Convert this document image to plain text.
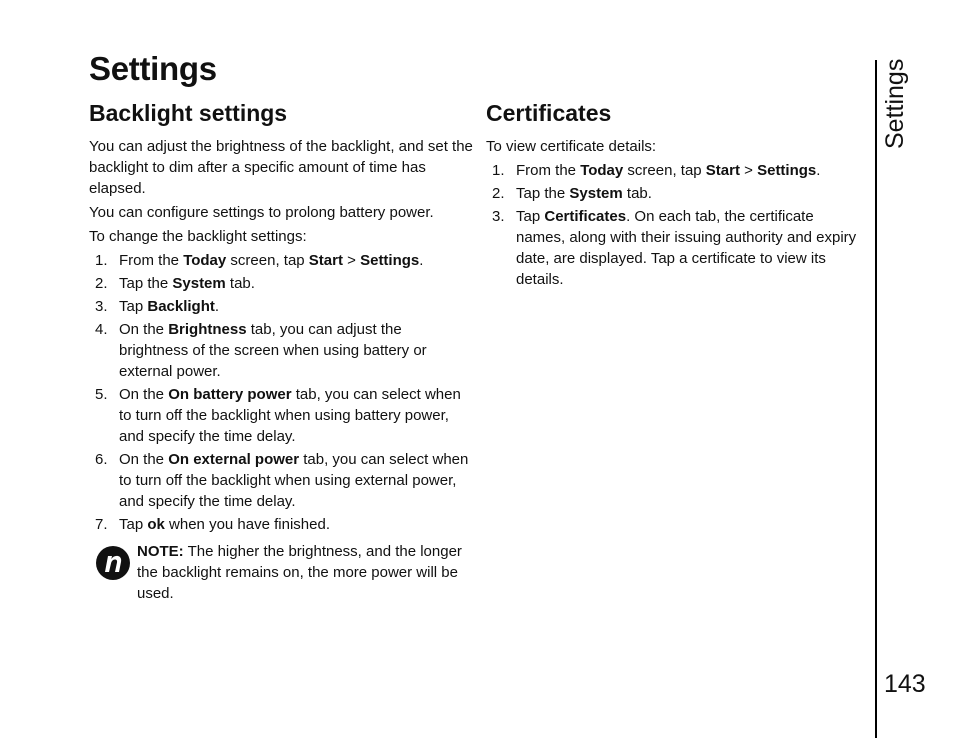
Settings
Backlight settings

You can adjust the brightness of the backlight, and set the backlight to dim after a specific amount of time has elapsed.

You can configure settings to prolong battery power.

To change the backlight settings:

1. From the Today screen, tap Start > Settings.
2. Tap the System tab.
3. Tap Backlight.
4. On the Brightness tab, you can adjust the brightness of the screen when using battery or external power.
5. On the On battery power tab, you can select when to turn off the backlight when using battery power, and specify the time delay.
6. On the On external power tab, you can select when to turn off the backlight when using external power, and specify the time delay.
7. Tap ok when you have finished.
NOTE: The higher the brightness, and the longer the backlight remains on, the more power will be used.
Certificates

To view certificate details:

1. From the Today screen, tap Start > Settings.
2. Tap the System tab.
3. Tap Certificates. On each tab, the certificate names, along with their issuing authority and expiry date, are displayed. Tap a certificate to view its details.
Settings
143
